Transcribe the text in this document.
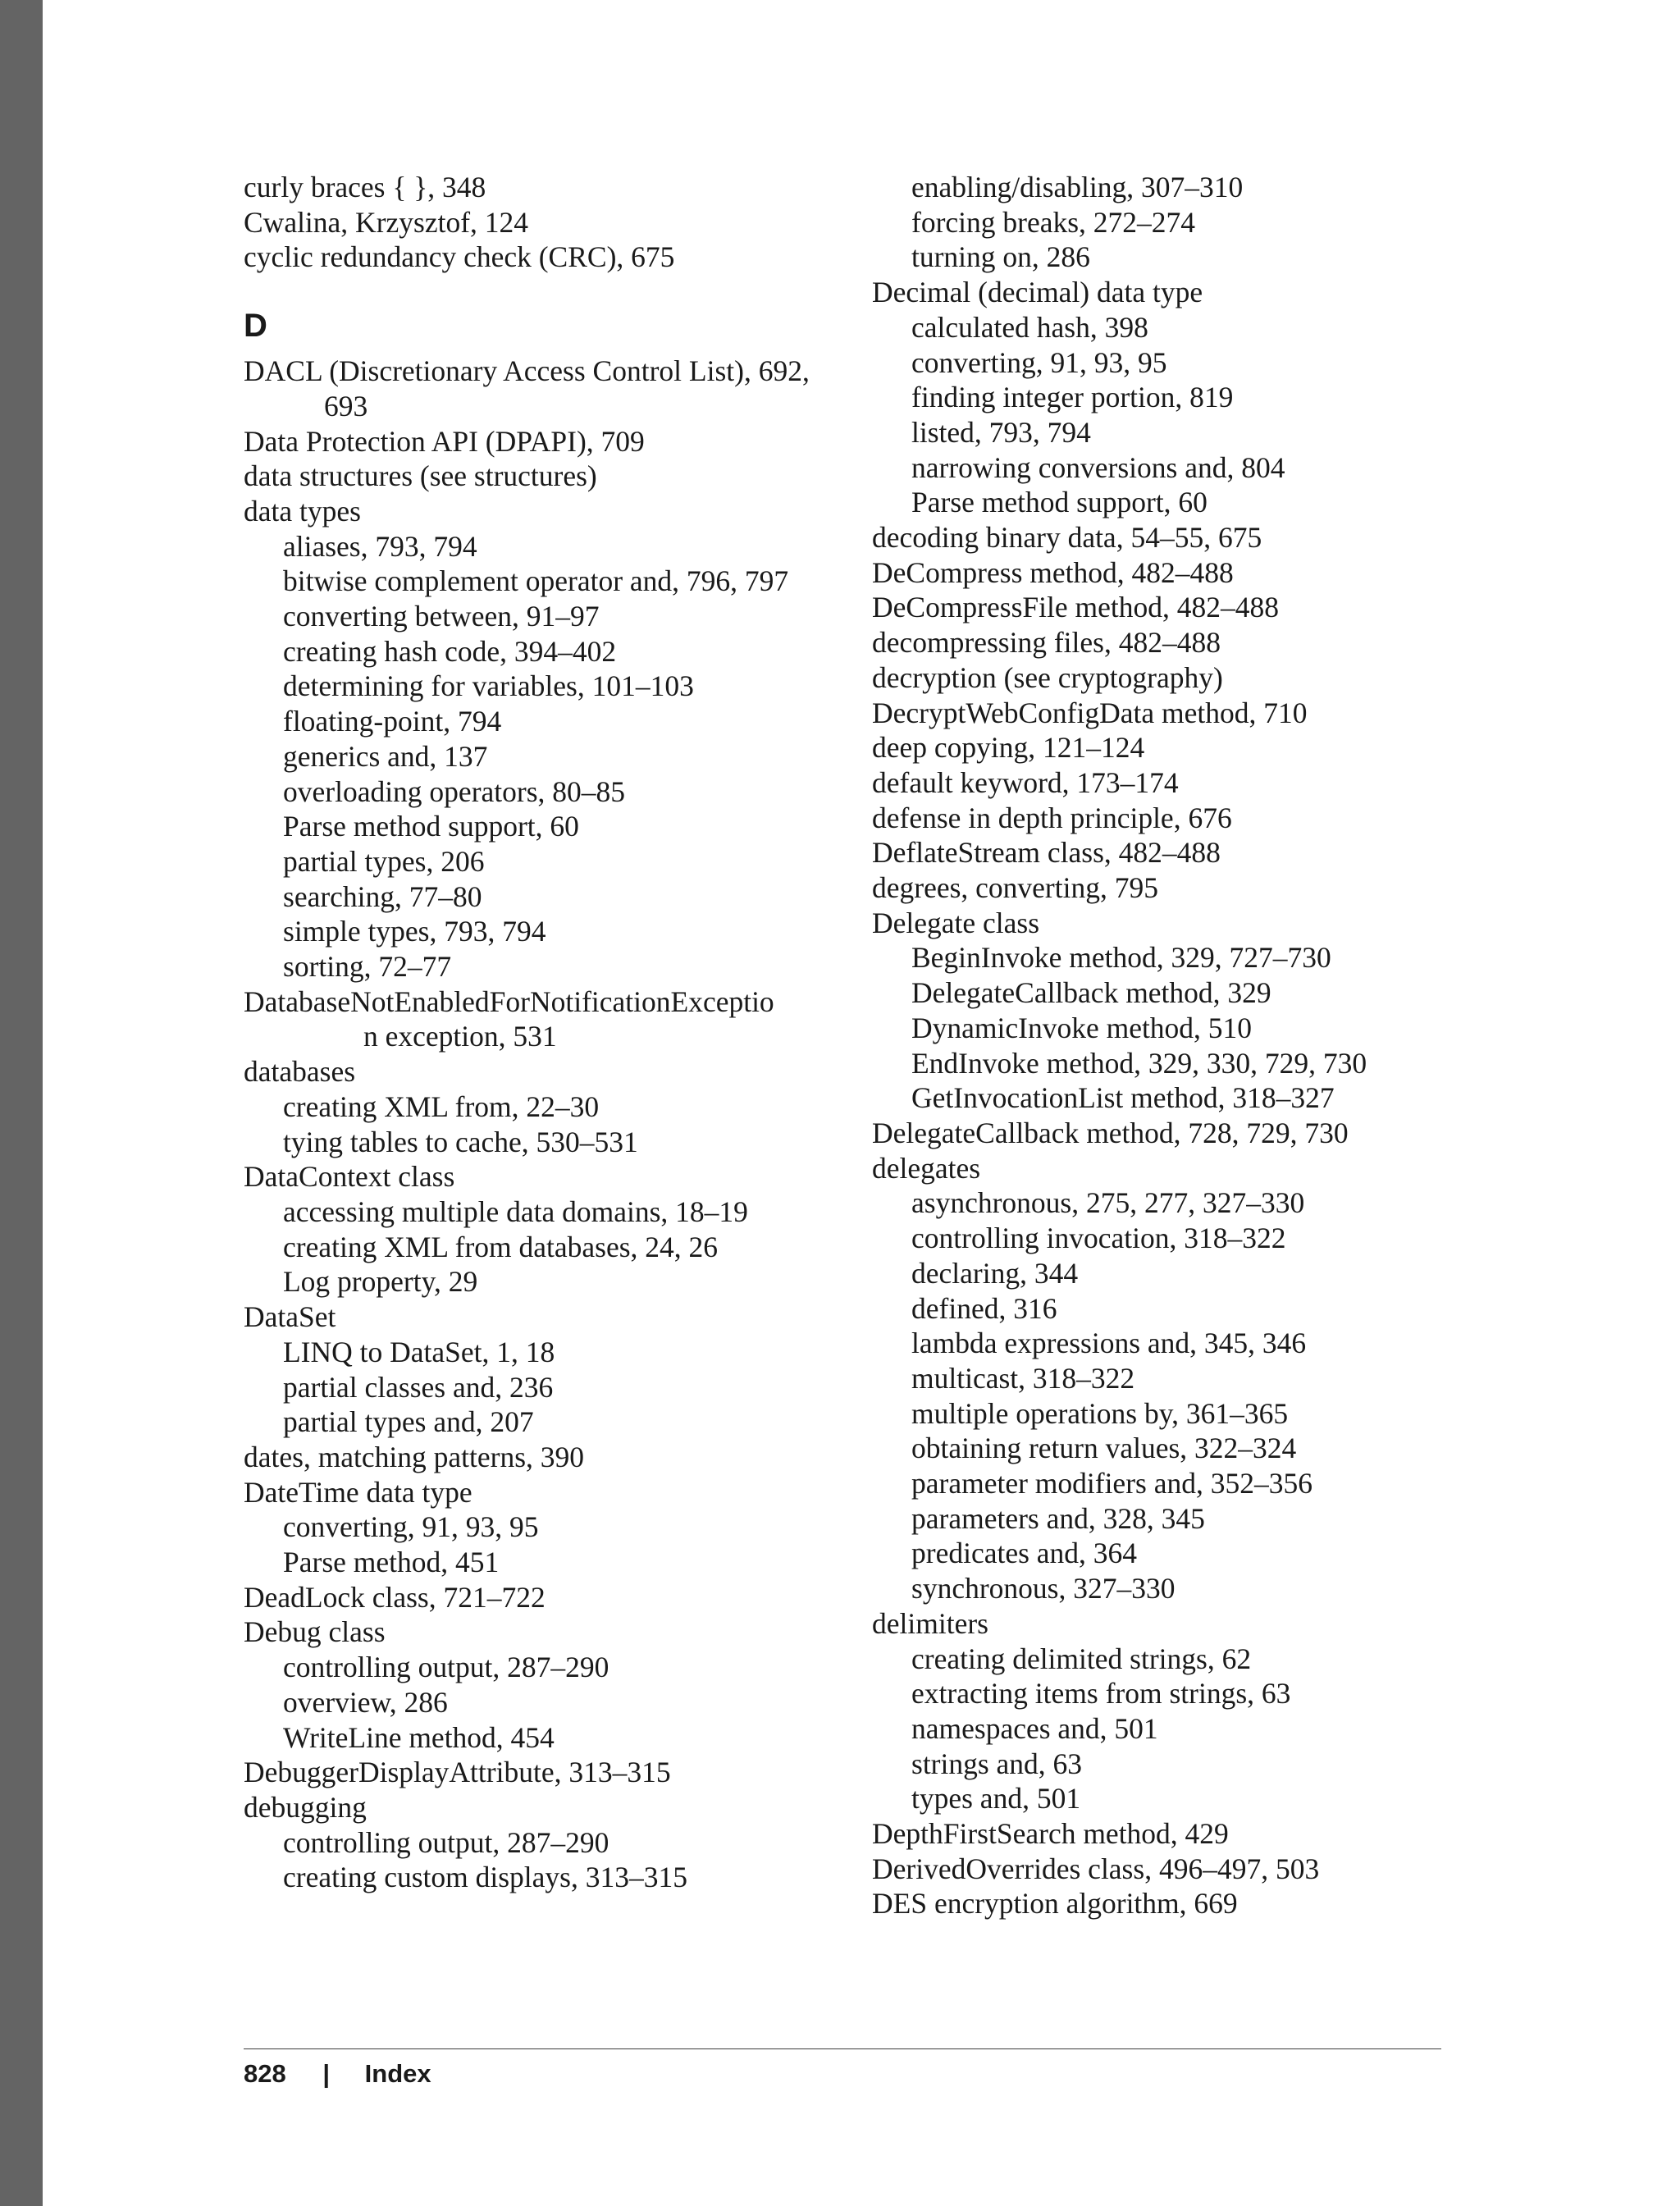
curly braces { }, 348
Cwalina, Krzysztof, 124
cyclic redundancy check (CRC), 675
D
DACL (Discretionary Access Control List), 692, 693
Data Protection API (DPAPI), 709
data structures (see structures)
data types
aliases, 793, 794
bitwise complement operator and, 796, 797
converting between, 91–97
creating hash code, 394–402
determining for variables, 101–103
floating-point, 794
generics and, 137
overloading operators, 80–85
Parse method support, 60
partial types, 206
searching, 77–80
simple types, 793, 794
sorting, 72–77
DatabaseNotEnabledForNotificationExceptio
n exception, 531
databases
creating XML from, 22–30
tying tables to cache, 530–531
DataContext class
accessing multiple data domains, 18–19
creating XML from databases, 24, 26
Log property, 29
DataSet
LINQ to DataSet, 1, 18
partial classes and, 236
partial types and, 207
dates, matching patterns, 390
DateTime data type
converting, 91, 93, 95
Parse method, 451
DeadLock class, 721–722
Debug class
controlling output, 287–290
overview, 286
WriteLine method, 454
DebuggerDisplayAttribute, 313–315
debugging
controlling output, 287–290
creating custom displays, 313–315
enabling/disabling, 307–310
forcing breaks, 272–274
turning on, 286
Decimal (decimal) data type
calculated hash, 398
converting, 91, 93, 95
finding integer portion, 819
listed, 793, 794
narrowing conversions and, 804
Parse method support, 60
decoding binary data, 54–55, 675
DeCompress method, 482–488
DeCompressFile method, 482–488
decompressing files, 482–488
decryption (see cryptography)
DecryptWebConfigData method, 710
deep copying, 121–124
default keyword, 173–174
defense in depth principle, 676
DeflateStream class, 482–488
degrees, converting, 795
Delegate class
BeginInvoke method, 329, 727–730
DelegateCallback method, 329
DynamicInvoke method, 510
EndInvoke method, 329, 330, 729, 730
GetInvocationList method, 318–327
DelegateCallback method, 728, 729, 730
delegates
asynchronous, 275, 277, 327–330
controlling invocation, 318–322
declaring, 344
defined, 316
lambda expressions and, 345, 346
multicast, 318–322
multiple operations by, 361–365
obtaining return values, 322–324
parameter modifiers and, 352–356
parameters and, 328, 345
predicates and, 364
synchronous, 327–330
delimiters
creating delimited strings, 62
extracting items from strings, 63
namespaces and, 501
strings and, 63
types and, 501
DepthFirstSearch method, 429
DerivedOverrides class, 496–497, 503
DES encryption algorithm, 669
828 | Index
